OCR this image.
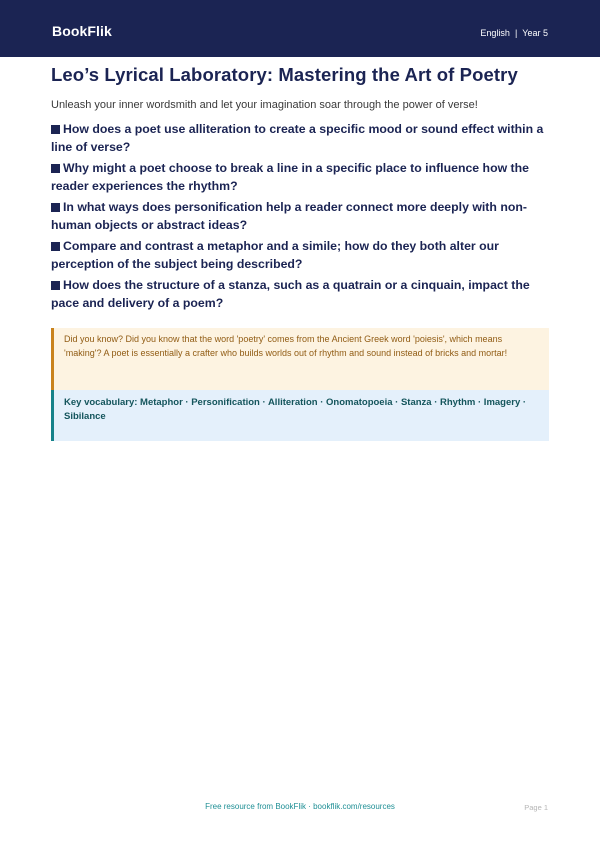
BookFlik	English | Year 5
Leo’s Lyrical Laboratory: Mastering the Art of Poetry
Unleash your inner wordsmith and let your imagination soar through the power of verse!
How does a poet use alliteration to create a specific mood or sound effect within a line of verse?
Why might a poet choose to break a line in a specific place to influence how the reader experiences the rhythm?
In what ways does personification help a reader connect more deeply with non-human objects or abstract ideas?
Compare and contrast a metaphor and a simile; how do they both alter our perception of the subject being described?
How does the structure of a stanza, such as a quatrain or a cinquain, impact the pace and delivery of a poem?
Did you know? Did you know that the word 'poetry' comes from the Ancient Greek word 'poiesis', which means 'making'? A poet is essentially a crafter who builds worlds out of rhythm and sound instead of bricks and mortar!
Key vocabulary: Metaphor · Personification · Alliteration · Onomatopoeia · Stanza · Rhythm · Imagery · Sibilance
Free resource from BookFlik · bookflik.com/resources	Page 1
